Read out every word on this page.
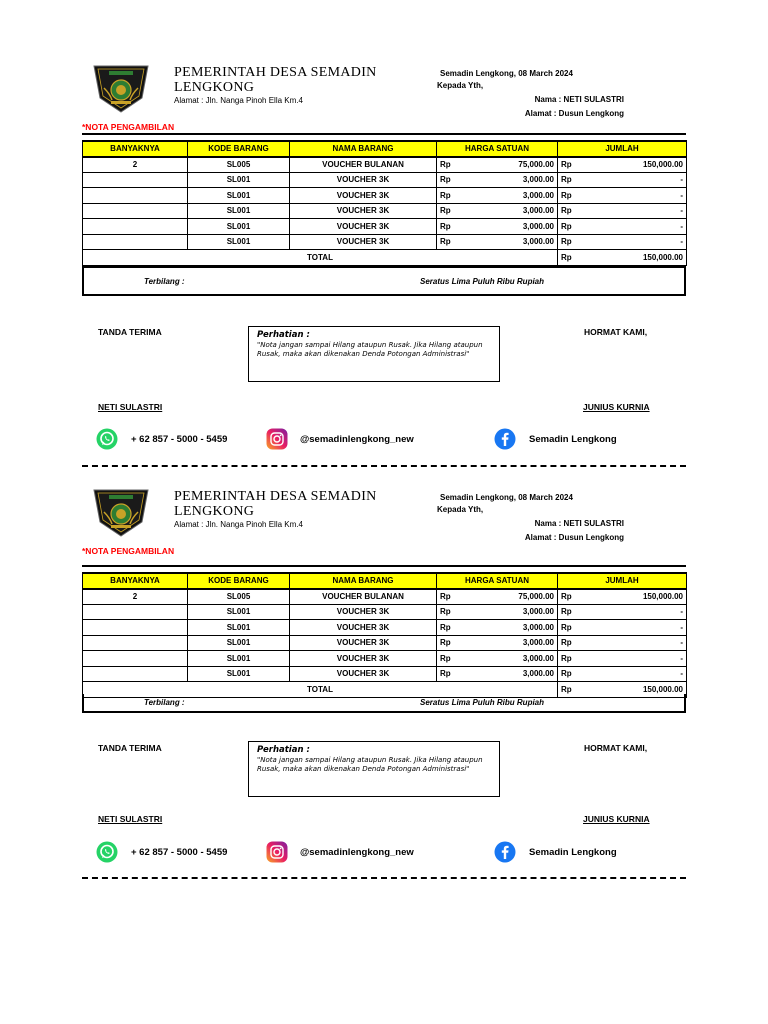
PEMERINTAH DESA SEMADIN LENGKONG
Alamat : Jln. Nanga Pinoh Ella Km.4
Semadin Lengkong, 08 March 2024
Kepada Yth,
Nama : NETI SULASTRI
Alamat : Dusun Lengkong
*NOTA PENGAMBILAN
BANYAKNYA	KODE BARANG	NAMA BARANG	HARGA SATUAN		JUMLAH	
2	SL005	VOUCHER BULANAN	Rp	75,000.00	Rp	150,000.00
	SL001	VOUCHER 3K	Rp	3,000.00	Rp	-
	SL001	VOUCHER 3K	Rp	3,000.00	Rp	-
	SL001	VOUCHER 3K	Rp	3,000.00	Rp	-
	SL001	VOUCHER 3K	Rp	3,000.00	Rp	-
	SL001	VOUCHER 3K	Rp	3,000.00	Rp	-
TOTAL					Rp	150,000.00
Terbilang :	Seratus Lima Puluh Ribu Rupiah
TANDA TERIMA	Perhatian :
"Nota jangan sampai Hilang ataupun Rusak. Jika Hilang ataupun Rusak, maka akan dikenakan Denda Potongan Administrasi"
HORMAT KAMI,
NETI SULASTRI	JUNIUS KURNIA
+ 62 857 - 5000 - 5459	@semadinlengkong_new	Semadin Lengkong
PEMERINTAH DESA SEMADIN LENGKONG
Alamat : Jln. Nanga Pinoh Ella Km.4
Semadin Lengkong, 08 March 2024
Kepada Yth,
Nama : NETI SULASTRI
Alamat : Dusun Lengkong
*NOTA PENGAMBILAN
BANYAKNYA	KODE BARANG	NAMA BARANG	HARGA SATUAN		JUMLAH	
2	SL005	VOUCHER BULANAN	Rp	75,000.00	Rp	150,000.00
	SL001	VOUCHER 3K	Rp	3,000.00	Rp	-
	SL001	VOUCHER 3K	Rp	3,000.00	Rp	-
	SL001	VOUCHER 3K	Rp	3,000.00	Rp	-
	SL001	VOUCHER 3K	Rp	3,000.00	Rp	-
	SL001	VOUCHER 3K	Rp	3,000.00	Rp	-
TOTAL					Rp	150,000.00
Terbilang :	Seratus Lima Puluh Ribu Rupiah
TANDA TERIMA	Perhatian :
"Nota jangan sampai Hilang ataupun Rusak. Jika Hilang ataupun Rusak, maka akan dikenakan Denda Potongan Administrasi"
HORMAT KAMI,
NETI SULASTRI	JUNIUS KURNIA
+ 62 857 - 5000 - 5459	@semadinlengkong_new	Semadin Lengkong
